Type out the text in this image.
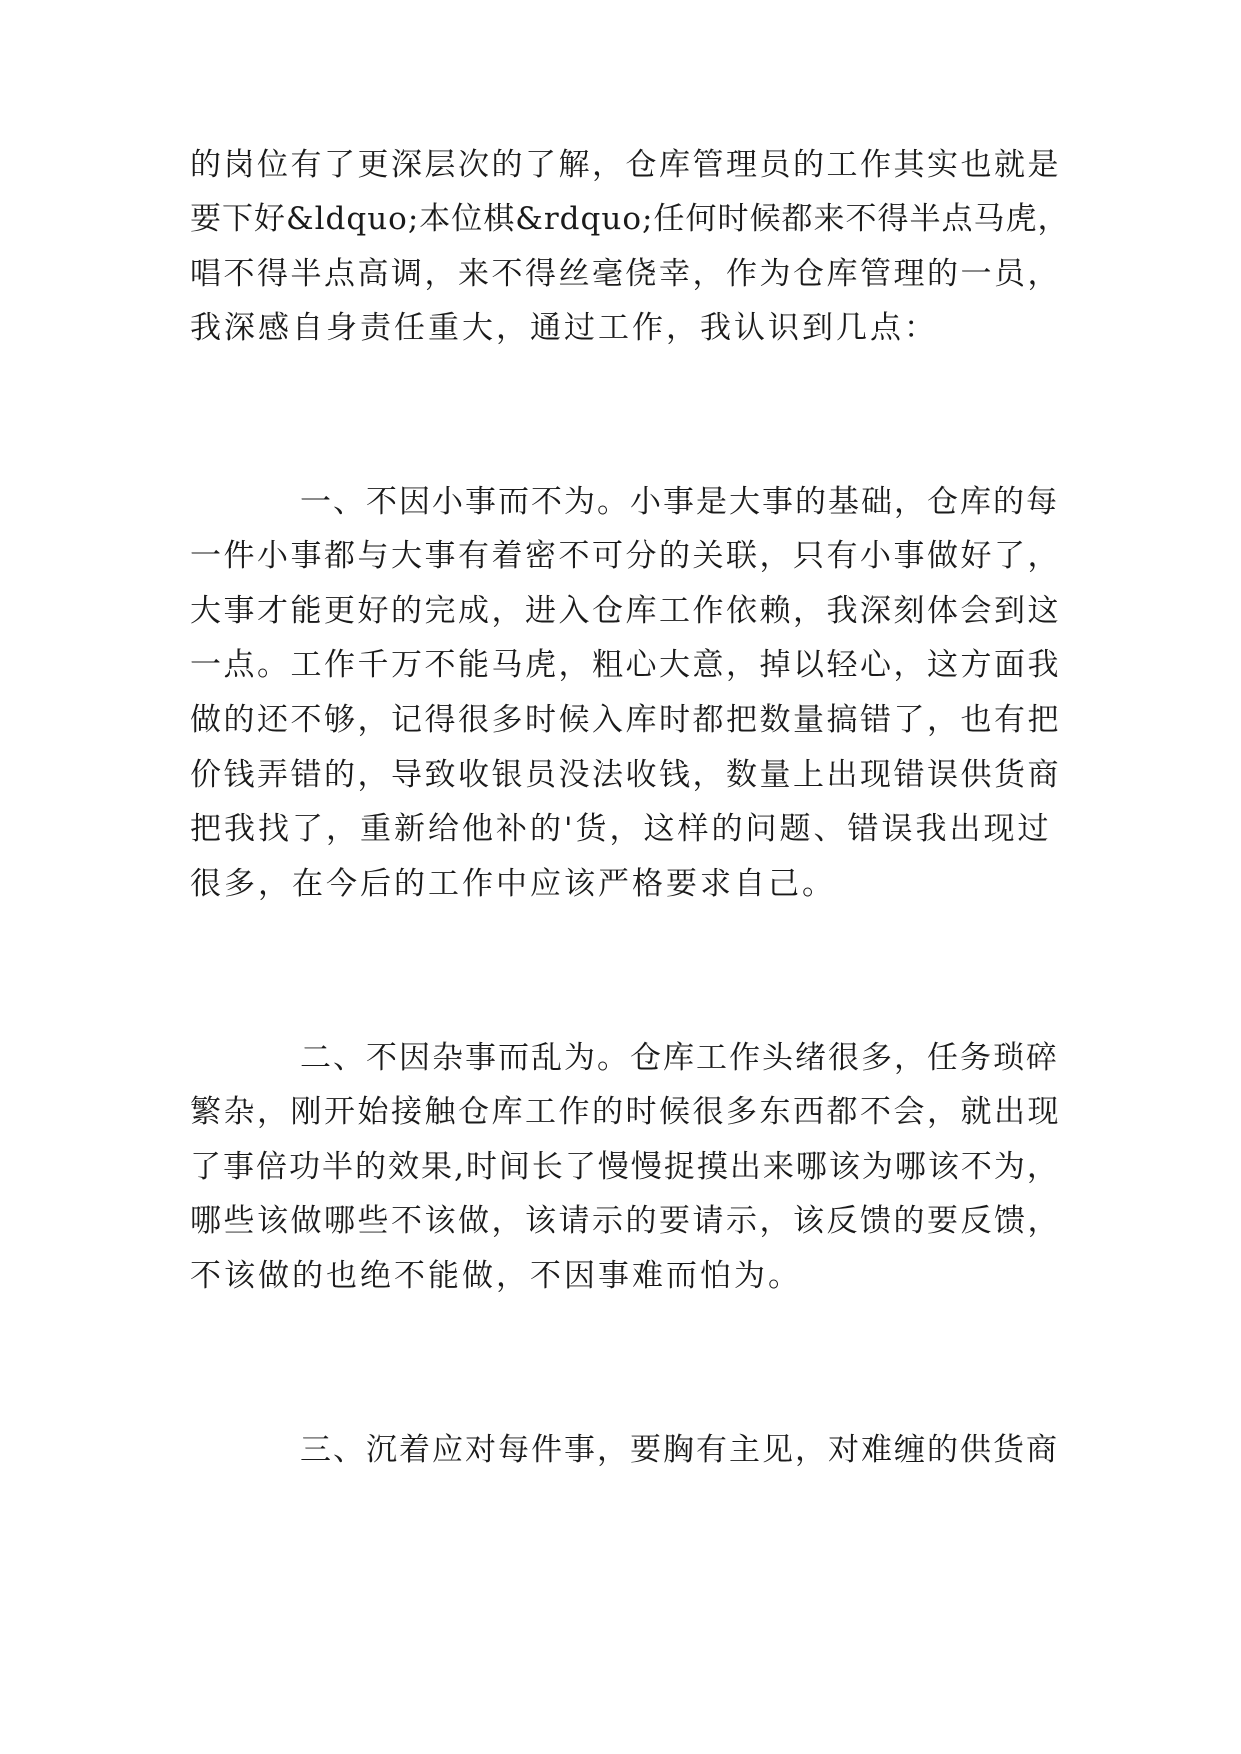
的岗位有了更深层次的了解，仓库管理员的工作其实也就是
要下好&ldquo;本位棋&rdquo;任何时候都来不得半点马虎，
唱不得半点高调，来不得丝毫侥幸，作为仓库管理的一员，
我深感自身责任重大，通过工作，我认识到几点：
一、不因小事而不为。小事是大事的基础，仓库的每
一件小事都与大事有着密不可分的关联，只有小事做好了，
大事才能更好的完成，进入仓库工作依赖，我深刻体会到这
一点。工作千万不能马虎，粗心大意，掉以轻心，这方面我
做的还不够，记得很多时候入库时都把数量搞错了，也有把
价钱弄错的，导致收银员没法收钱，数量上出现错误供货商
把我找了，重新给他补的'货，这样的问题、错误我出现过
很多，在今后的工作中应该严格要求自己。
二、不因杂事而乱为。仓库工作头绪很多，任务琐碎
繁杂，刚开始接触仓库工作的时候很多东西都不会，就出现
了事倍功半的效果,时间长了慢慢捉摸出来哪该为哪该不为，
哪些该做哪些不该做，该请示的要请示，该反馈的要反馈，
不该做的也绝不能做，不因事难而怕为。
三、沉着应对每件事，要胸有主见，对难缠的供货商
